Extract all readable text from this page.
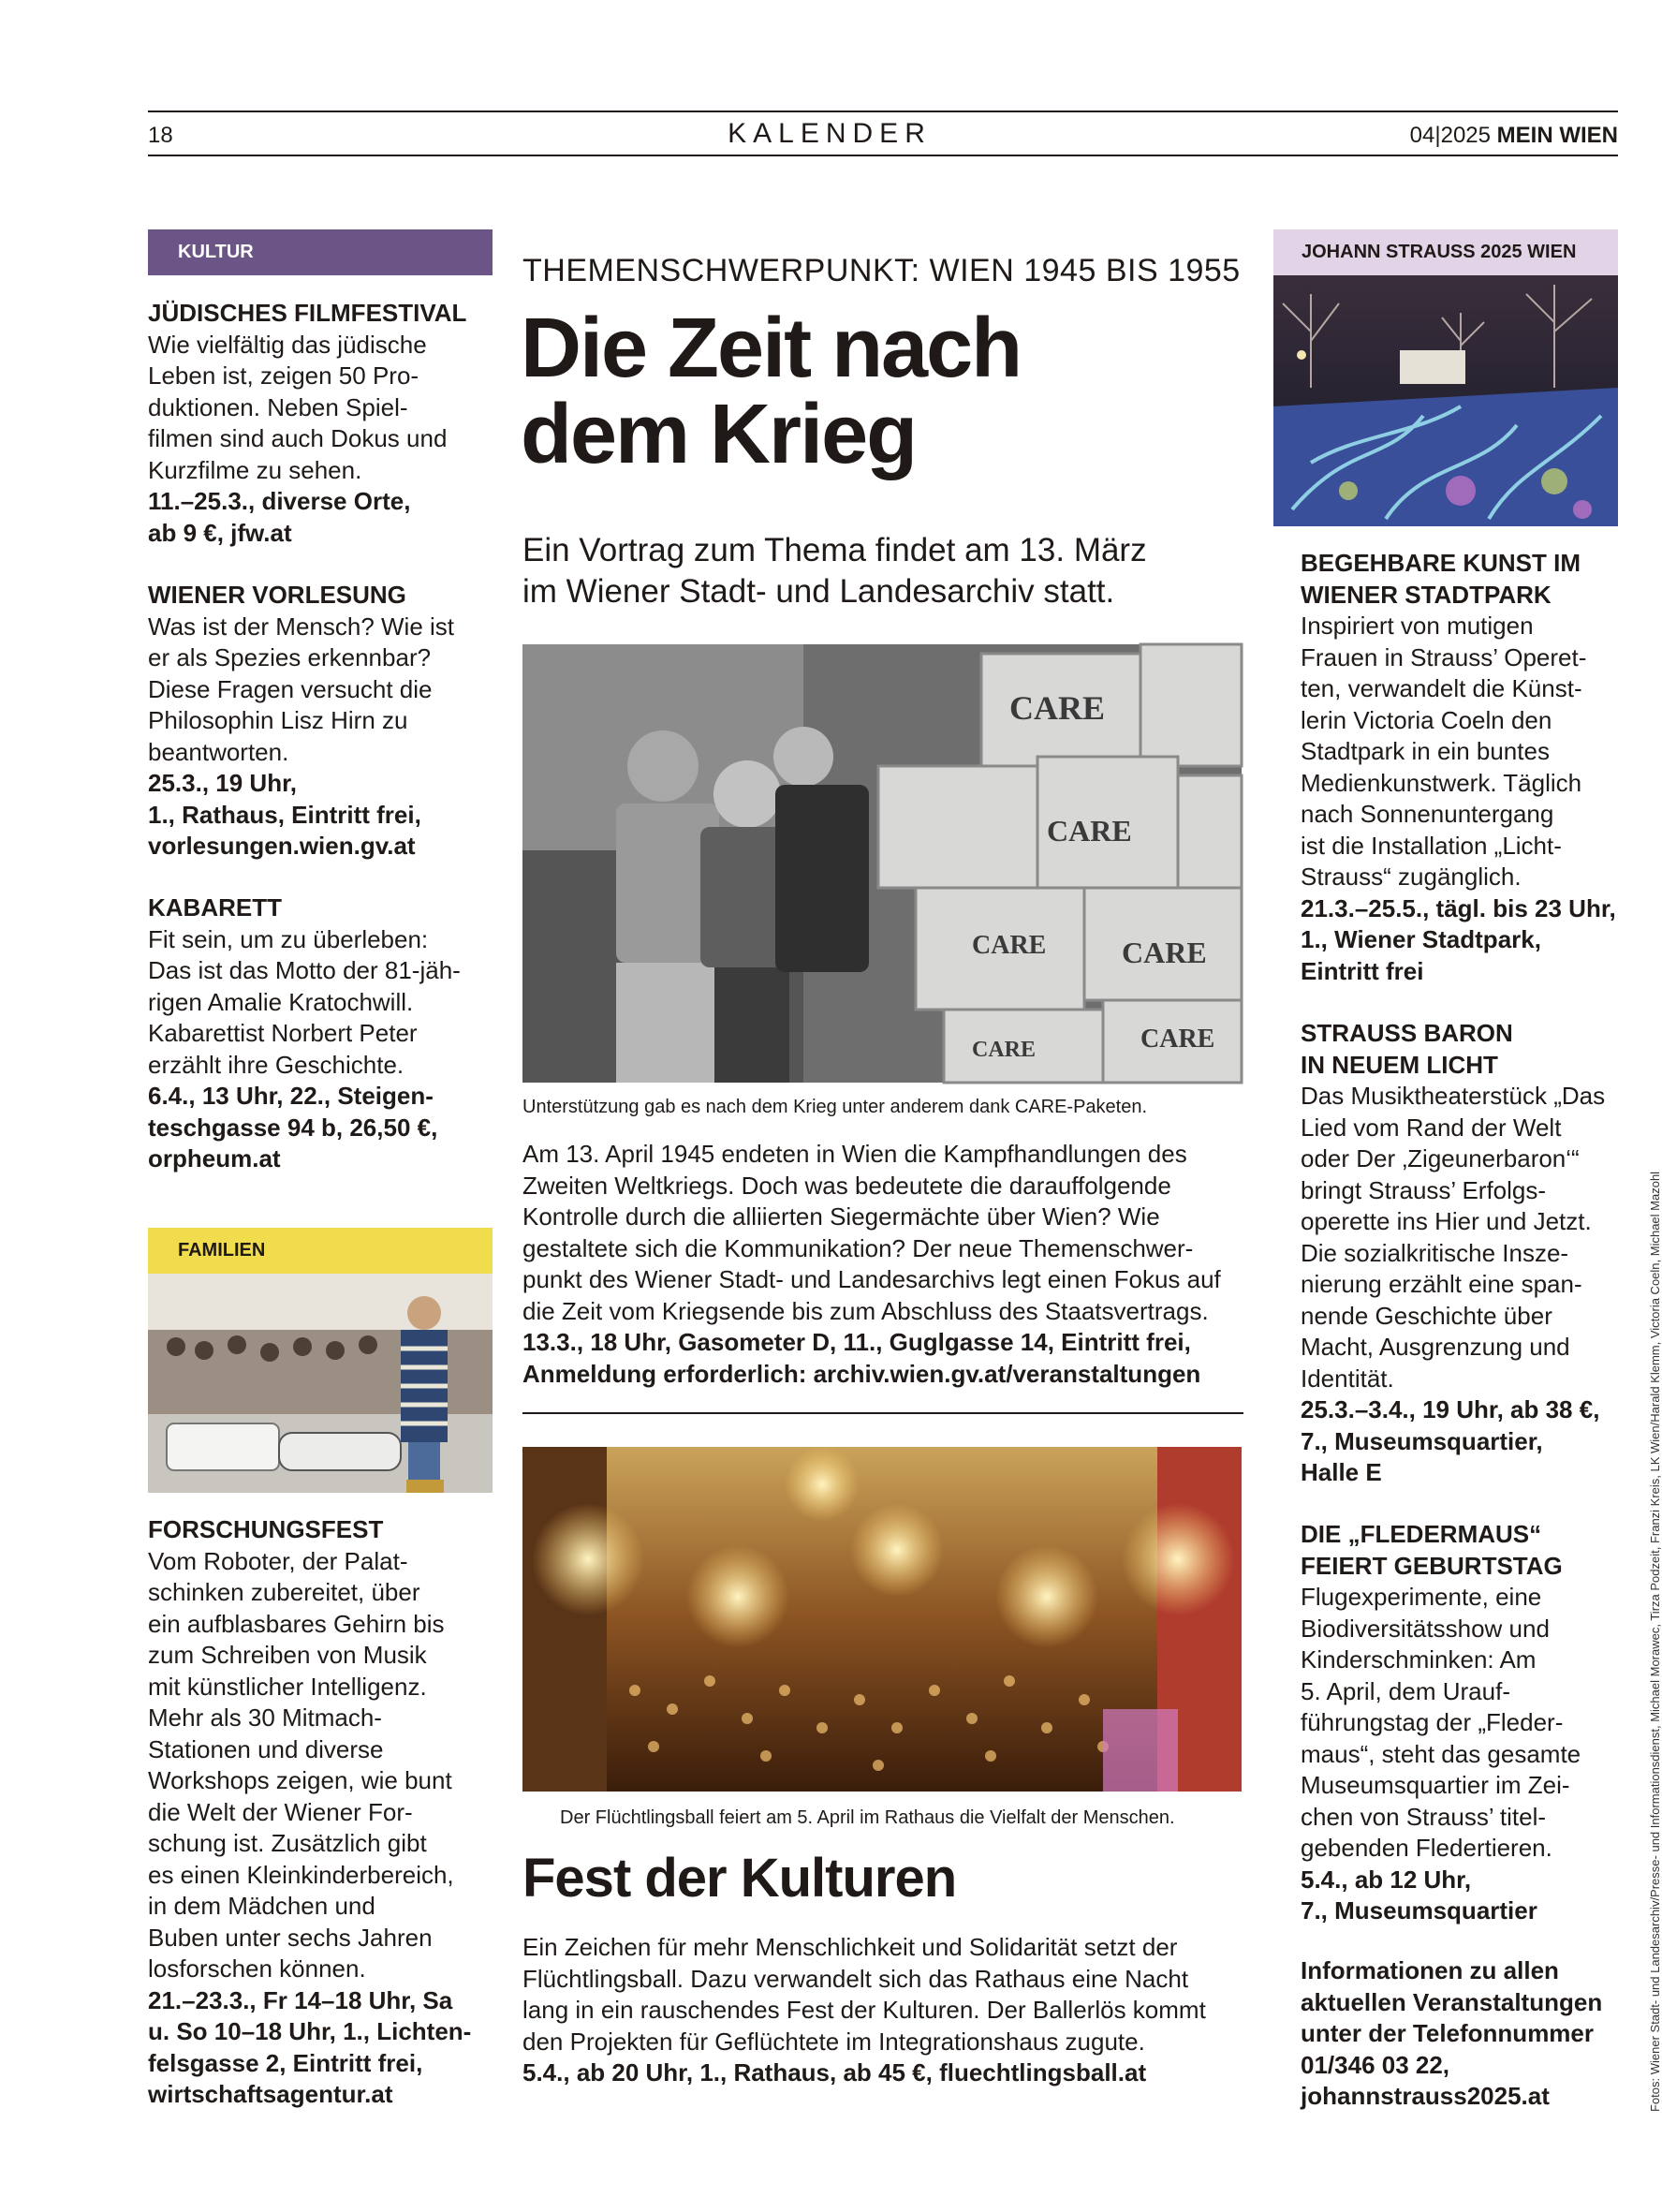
18	KALENDER	04|2025 MEIN WIEN
KULTUR
JÜDISCHES FILMFESTIVAL

Wie vielfältig das jüdische

Leben ist, zeigen 50 Pro-

duktionen. Neben Spiel-

filmen sind auch Dokus und

Kurzfilme zu sehen.

11.–25.3., diverse Orte,

ab 9 €, jfw.at

WIENER VORLESUNG

Was ist der Mensch? Wie ist

er als Spezies erkennbar?

Diese Fragen versucht die

Philosophin Lisz Hirn zu

beantworten.

25.3., 19 Uhr,

1., Rathaus, Eintritt frei,

vorlesungen.wien.gv.at

KABARETT

Fit sein, um zu überleben:

Das ist das Motto der 81-jäh-

rigen Amalie Kratochwill.

Kabarettist Norbert Peter

erzählt ihre Geschichte.

6.4., 13 Uhr, 22., Steigen-

teschgasse 94 b, 26,50 €,

orpheum.at

FAMILIEN
FORSCHUNGSFEST

Vom Roboter, der Palat-

schinken zubereitet, über

ein aufblasbares Gehirn bis

zum Schreiben von Musik

mit künstlicher Intelligenz.

Mehr als 30 Mitmach-

Stationen und diverse

Workshops zeigen, wie bunt

die Welt der Wiener For-

schung ist. Zusätzlich gibt

es einen Kleinkinderbereich,

in dem Mädchen und

Buben unter sechs Jahren

losforschen können.

21.–23.3., Fr 14–18 Uhr, Sa

u. So 10–18 Uhr, 1., Lichten-

felsgasse 2, Eintritt frei,

wirtschaftsagentur.at

THEMENSCHWERPUNKT: WIEN 1945 BIS 1955
Die Zeit nach
dem Krieg
Ein Vortrag zum Thema findet am 13. März
im Wiener Stadt- und Landesarchiv statt.
CARE
CARE
CARE	CARE
CARE
CARE
Unterstützung gab es nach dem Krieg unter anderem dank CARE-Paketen.

Am 13. April 1945 endeten in Wien die Kampfhandlungen des

Zweiten Weltkriegs. Doch was bedeutete die darauffolgende

Kontrolle durch die alliierten Siegermächte über Wien? Wie

gestaltete sich die Kommunikation? Der neue Themenschwer-

punkt des Wiener Stadt- und Landesarchivs legt einen Fokus auf

die Zeit vom Kriegsende bis zum Abschluss des Staatsvertrags.

13.3., 18 Uhr, Gasometer D, 11., Guglgasse 14, Eintritt frei,

Anmeldung erforderlich: archiv.wien.gv.at/veranstaltungen

Der Flüchtlingsball feiert am 5. April im Rathaus die Vielfalt der Menschen.
Fest der Kulturen

Ein Zeichen für mehr Menschlichkeit und Solidarität setzt der

Flüchtlingsball. Dazu verwandelt sich das Rathaus eine Nacht

lang in ein rauschendes Fest der Kulturen. Der Ballerlös kommt

den Projekten für Geflüchtete im Integrationshaus zugute.

5.4., ab 20 Uhr, 1., Rathaus, ab 45 €, fluechtlingsball.at

JOHANN STRAUSS 2025 WIEN
BEGEHBARE KUNST IM
WIENER STADTPARK

Inspiriert von mutigen

Frauen in Strauss’ Operet-

ten, verwandelt die Künst-

lerin Victoria Coeln den

Stadtpark in ein buntes

Medienkunstwerk. Täglich

nach Sonnenuntergang

ist die Installation „Licht-

Strauss“ zugänglich.

21.3.–25.5., tägl. bis 23 Uhr,

1., Wiener Stadtpark,

Eintritt frei

STRAUSS BARON
IN NEUEM LICHT

Das Musiktheaterstück „Das

Lied vom Rand der Welt

oder Der ‚Zigeunerbaron‘“

bringt Strauss’ Erfolgs-

operette ins Hier und Jetzt.

Die sozialkritische Insze-

nierung erzählt eine span-

nende Geschichte über

Macht, Ausgrenzung und

Identität.

25.3.–3.4., 19 Uhr, ab 38 €,

7., Museumsquartier,

Halle E

DIE „FLEDERMAUS“
FEIERT GEBURTSTAG

Flugexperimente, eine

Biodiversitätsshow und

Kinderschminken: Am

5. April, dem Urauf-

führungstag der „Fleder-

maus“, steht das gesamte

Museumsquartier im Zei-

chen von Strauss’ titel-

gebenden Fledertieren.

5.4., ab 12 Uhr,

7., Museumsquartier

Informationen zu allen

aktuellen Veranstaltungen

unter der Telefonnummer

01/346 03 22,

johannstrauss2025.at	Fotos: Wiener Stadt- und Landesarchiv/Presse- und Informationsdienst, Michael Morawec, Tirza Podzeit, Franzi Kreis, LK Wien/Harald Klemm, Victoria Coeln, Michael Mazohl
